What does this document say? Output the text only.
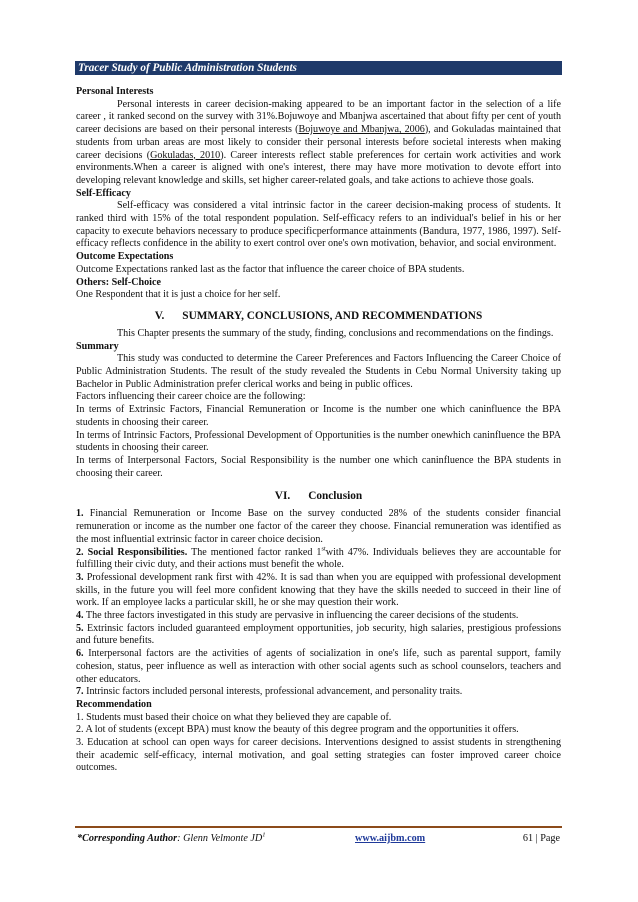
Tracer Study of Public Administration Students

Personal Interests

Personal interests in career decision-making appeared to be an important factor in the selection of a life career , it ranked second on the survey with 31%.Bojuwoye and Mbanjwa ascertained that about fifty per cent of youth career decisions are based on their personal interests (Bojuwoye and Mbanjwa, 2006), and Gokuladas maintained that students from urban areas are most likely to consider their personal interests before societal interests when making career decisions (Gokuladas, 2010). Career interests reflect stable preferences for certain work activities and work environments.When a career is aligned with one's interest, there may have more motivation to devote effort into developing relevant knowledge and skills, set higher career-related goals, and take actions to achieve those goals.

Self-Efficacy

Self-efficacy was considered a vital intrinsic factor in the career decision-making process of students. It ranked third with 15% of the total respondent population. Self-efficacy refers to an individual's belief in his or her capacity to execute behaviors necessary to produce specificperformance attainments (Bandura, 1977, 1986, 1997). Self-efficacy reflects confidence in the ability to exert control over one's own motivation, behavior, and social environment.

Outcome Expectations

Outcome Expectations ranked last as the factor that influence the career choice of BPA students.

Others: Self-Choice

One Respondent that it is just a choice for her self.

V. SUMMARY, CONCLUSIONS, AND RECOMMENDATIONS

This Chapter presents the summary of the study, finding, conclusions and recommendations on the findings.

Summary

This study was conducted to determine the Career Preferences and Factors Influencing the Career Choice of Public Administration Students. The result of the study revealed the Students in Cebu Normal University taking up Bachelor in Public Administration prefer clerical works and being in public offices.

Factors influencing their career choice are the following:

In terms of Extrinsic Factors, Financial Remuneration or Income is the number one which caninfluence the BPA students in choosing their career.

In terms of Intrinsic Factors, Professional Development of Opportunities is the number onewhich caninfluence the BPA students in choosing their career.

In terms of Interpersonal Factors, Social Responsibility is the number one which caninfluence the BPA students in choosing their career.

VI. Conclusion

1. Financial Remuneration or Income Base on the survey conducted 28% of the students consider financial remuneration or income as the number one factor of the career they choose. Financial remuneration was identified as the most influential extrinsic factor in career choice decision.

2. Social Responsibilities. The mentioned factor ranked 1stwith 47%. Individuals believes they are accountable for fulfilling their civic duty, and their actions must benefit the whole.

3. Professional development rank first with 42%. It is sad than when you are equipped with professional development skills, in the future you will feel more confident knowing that they have the skills needed to succeed in their line of work. If an employee lacks a particular skill, he or she may question their work.

4. The three factors investigated in this study are pervasive in influencing the career decisions of the students.

5. Extrinsic factors included guaranteed employment opportunities, job security, high salaries, prestigious professions and future benefits.

6. Interpersonal factors are the activities of agents of socialization in one's life, such as parental support, family cohesion, status, peer influence as well as interaction with other social agents such as school counselors, teachers and other educators.

7. Intrinsic factors included personal interests, professional advancement, and personality traits.

Recommendation

1. Students must based their choice on what they believed they are capable of.

2. A lot of students (except BPA) must know the beauty of this degree program and the opportunities it offers.

3. Education at school can open ways for career decisions. Interventions designed to assist students in strengthening their academic self-efficacy, internal motivation, and goal setting strategies can foster improved career choice outcomes.

*Corresponding Author: Glenn Velmonte $JD^1$	www.aijbm.com	61 | Page
